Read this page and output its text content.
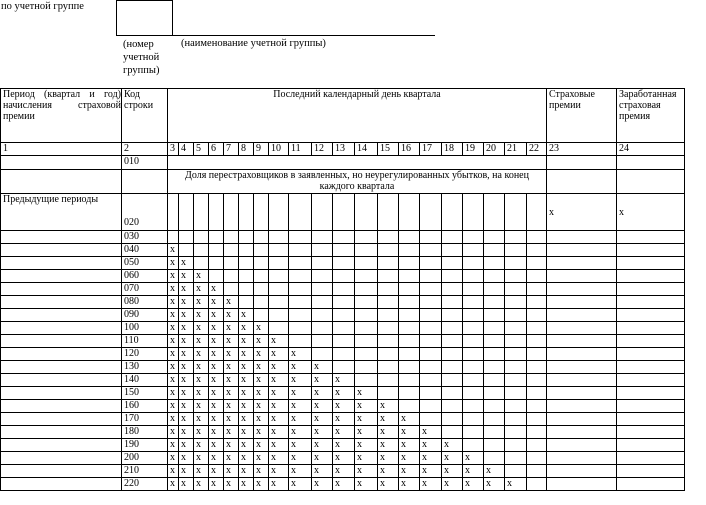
по учетной группе
(номер
учетной
группы)
(наименование учетной группы)
Период (квартал и год) начисления страховой премии	Код строки	Последний календарный день квартала																				Страховые премии	Заработанная страховая премия
1	2	3	4	5	6	7	8	9	10	11	12	13	14	15	16	17	18	19	20	21	22	23	24
	010																						
		Доля перестраховщиков в заявленных, но неурегулированных убытков, на конец каждого квартала																					
Предыдущие периоды	020																					x	x
	030																						
	040	x																					
	050	x	x																				
	060	x	x	x																			
	070	x	x	x	x																		
	080	x	x	x	x	x																	
	090	x	x	x	x	x	x																
	100	x	x	x	x	x	x	x															
	110	x	x	x	x	x	x	x	x														
	120	x	x	x	x	x	x	x	x	x													
	130	x	x	x	x	x	x	x	x	x	x												
	140	x	x	x	x	x	x	x	x	x	x	x											
	150	x	x	x	x	x	x	x	x	x	x	x	x										
	160	x	x	x	x	x	x	x	x	x	x	x	x	x									
	170	x	x	x	x	x	x	x	x	x	x	x	x	x	x								
	180	x	x	x	x	x	x	x	x	x	x	x	x	x	x	x							
	190	x	x	x	x	x	x	x	x	x	x	x	x	x	x	x	x						
	200	x	x	x	x	x	x	x	x	x	x	x	x	x	x	x	x	x					
	210	x	x	x	x	x	x	x	x	x	x	x	x	x	x	x	x	x	x				
	220	x	x	x	x	x	x	x	x	x	x	x	x	x	x	x	x	x	x	x			
